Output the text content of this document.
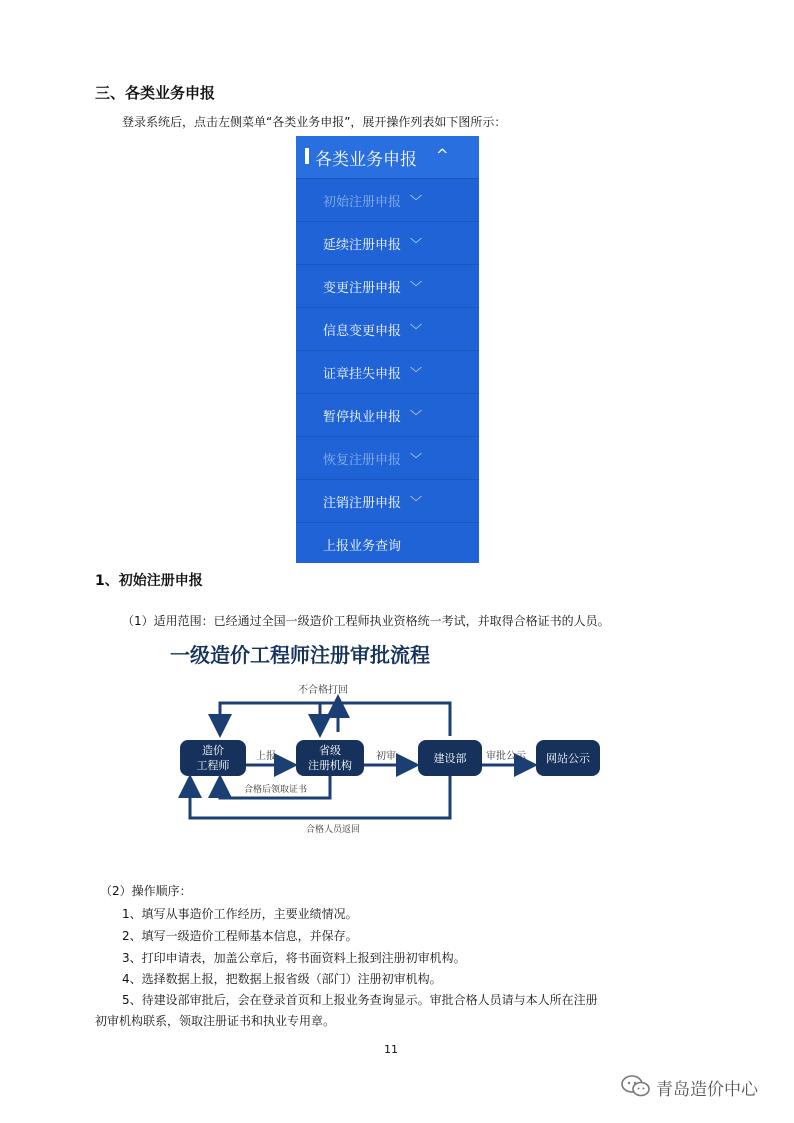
三、各类业务申报
登录系统后，点击左侧菜单“各类业务申报”，展开操作列表如下图所示：
各类业务申报 ^
初始注册申报 ﹀
延续注册申报 ﹀
变更注册申报 ﹀
信息变更申报 ﹀
证章挂失申报 ﹀
暂停执业申报 ﹀
恢复注册申报 ﹀
注销注册申报 ﹀
上报业务查询
1、初始注册申报
（1）适用范围：已经通过全国一级造价工程师执业资格统一考试，并取得合格证书的人员。
一级造价工程师注册审批流程
不合格打回
造价
工程师
省级
注册机构
建设部	网站公示
上报	初审	审批公示
合格后领取证书
合格人员返回
（2）操作顺序：
1、填写从事造价工作经历，主要业绩情况。
2、填写一级造价工程师基本信息，并保存。
3、打印申请表，加盖公章后，将书面资料上报到注册初审机构。
4、选择数据上报，把数据上报省级（部门）注册初审机构。
5、待建设部审批后，会在登录首页和上报业务查询显示。审批合格人员请与本人所在注册
初审机构联系，领取注册证书和执业专用章。
11
青岛造价中心
